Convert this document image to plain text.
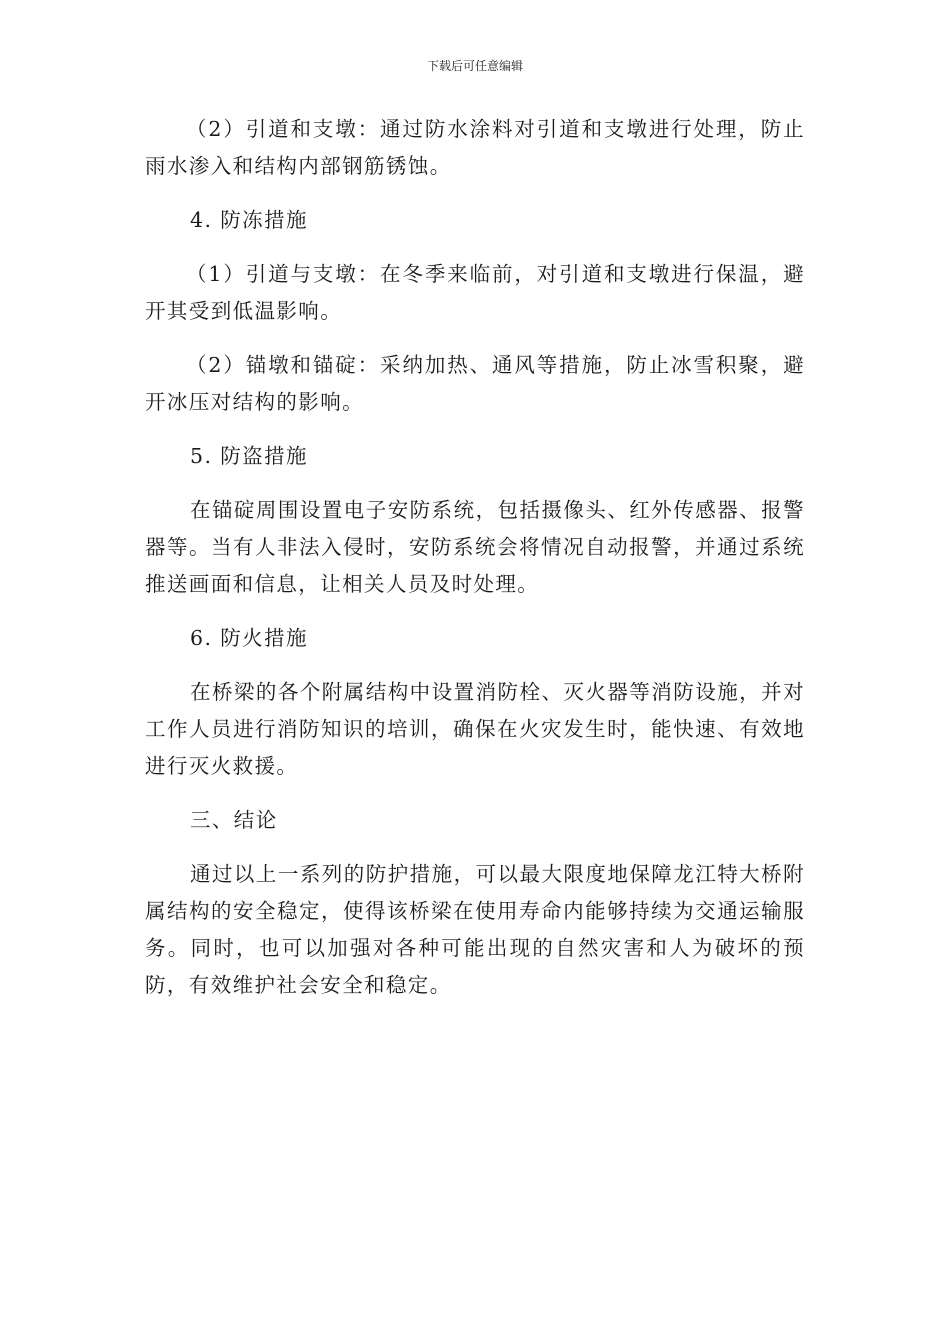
下载后可任意编辑

（2）引道和支墩：通过防水涂料对引道和支墩进行处理，防止雨水渗入和结构内部钢筋锈蚀。

4. 防冻措施

（1）引道与支墩：在冬季来临前，对引道和支墩进行保温，避开其受到低温影响。

（2）锚墩和锚碇：采纳加热、通风等措施，防止冰雪积聚，避开冰压对结构的影响。

5. 防盗措施

在锚碇周围设置电子安防系统，包括摄像头、红外传感器、报警器等。当有人非法入侵时，安防系统会将情况自动报警，并通过系统推送画面和信息，让相关人员及时处理。

6. 防火措施

在桥梁的各个附属结构中设置消防栓、灭火器等消防设施，并对工作人员进行消防知识的培训，确保在火灾发生时，能快速、有效地进行灭火救援。

三、结论

通过以上一系列的防护措施，可以最大限度地保障龙江特大桥附属结构的安全稳定，使得该桥梁在使用寿命内能够持续为交通运输服务。同时，也可以加强对各种可能出现的自然灾害和人为破坏的预防，有效维护社会安全和稳定。
